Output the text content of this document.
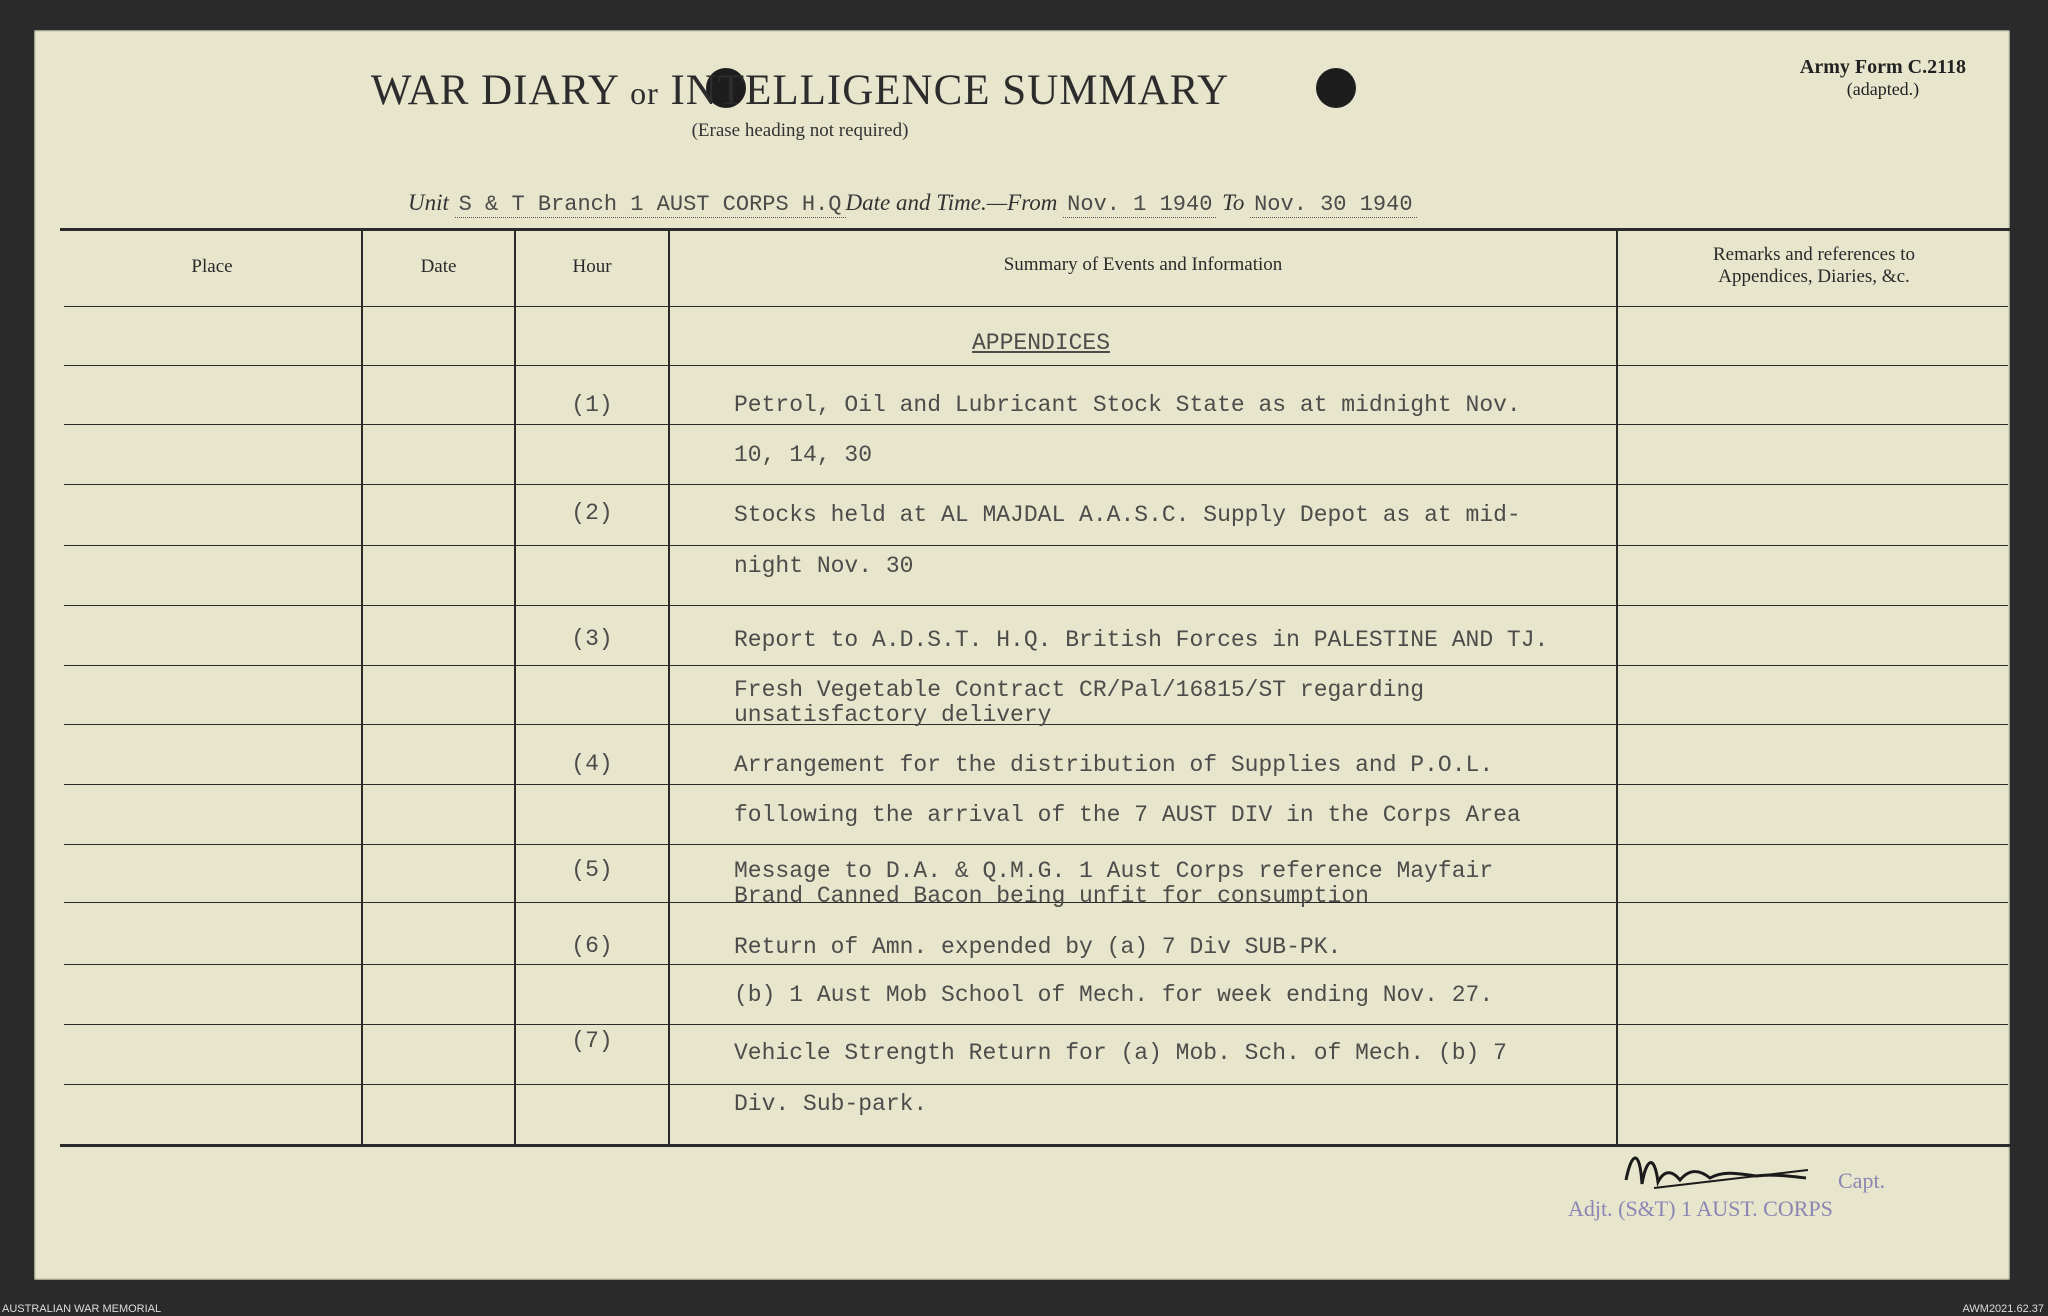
WAR DIARY or INTELLIGENCE SUMMARY
(Erase heading not required)
Army Form C.2118
(adapted.)
Unit S & T Branch 1 AUST CORPS H.Q Date and Time.—From Nov. 1 1940 To Nov. 30 1940
Place	Date	Hour	Summary of Events and Information	Remarks and references to
Appendices, Diaries, &c.
APPENDICES
(1)	Petrol, Oil and Lubricant Stock State as at midnight Nov.
10, 14, 30
(2)	Stocks held at AL MAJDAL A.A.S.C. Supply Depot as at mid-
night Nov. 30
(3)	Report to A.D.S.T. H.Q. British Forces in PALESTINE AND TJ.
Fresh Vegetable Contract CR/Pal/16815/ST regarding
unsatisfactory delivery
(4)	Arrangement for the distribution of Supplies and P.O.L.
following the arrival of the 7 AUST DIV in the Corps Area
(5)	Message to D.A. & Q.M.G. 1 Aust Corps reference Mayfair
Brand Canned Bacon being unfit for consumption
(6)	Return of Amn. expended by (a) 7 Div SUB-PK.
(b) 1 Aust Mob School of Mech. for week ending Nov. 27.
(7)	Vehicle Strength Return for (a) Mob. Sch. of Mech. (b) 7
Div. Sub-park.
Capt.
Adjt. (S&T) 1 AUST. CORPS
AUSTRALIAN WAR MEMORIAL	AWM2021.62.37
